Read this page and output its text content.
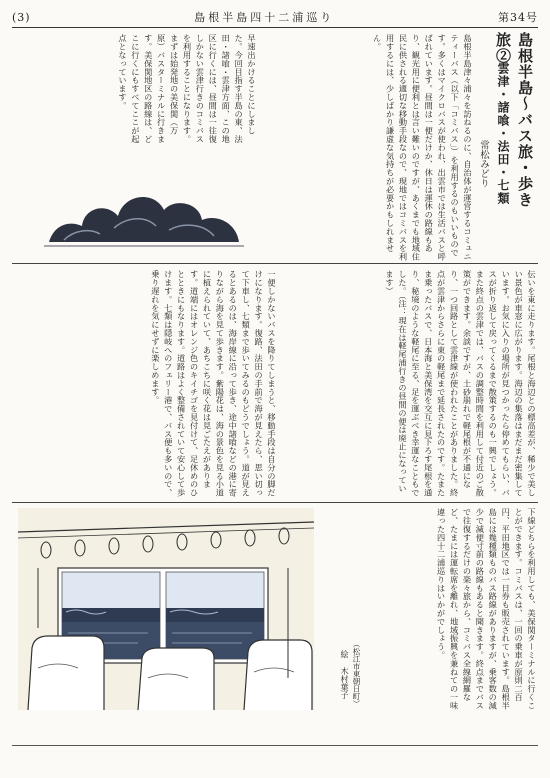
(3)	島根半島四十二浦巡り	第34号
島根半島〜バス旅・歩き旅②
雲津・諸喰・法田・七類
常松みどり
島根半島津々浦々を訪ねるのに、自治体が運営するコミュニティーバス（以下「コミバス」）を利用するのもいいものです。多くはマイクロバスが使われ、出雲市では生活バスと呼ばれています。昼間は一便だけか、休日は運休の路線もあり、観光用に便利とは言い難いのですが、あくまでも地域住民に供される適切な移動手段なので、現地ではコミバスを利用するには、少しばかり謙虚な気持ちが必要かもしれません。
早速出かけることにしました。今回目指す半島の東、法田・諸喰・雲津方面、この地区に行くには、昼間は一往復しかない雲津行きのコミバスを利用することになります。まずは始発地の美保関（万原）バスターミナルに行きます。美保関地区の路線は、どこに行くにもすべてここが起点となっています。
伝いを東に走ります。尾根と海辺との標高差が、稀少で美しい景色が車窓に広がります。海辺の集落はまだまだ密集しています。お気に入りの場所が見つかったら停めてもらい、バスが折り返して戻ってくるまで散策するのも一興でしょう。また終点の雲津では、バスの調整時間を利用して付近のご散策ができます。余談ですが、土砂崩れで軽尾根が不通になり、一つ回路として雲津線が使われたことがありました。終点が雲津からさらに東の軽尾まで延長されたのです。たまたま乗ったバスで、日本海と美保湾を交互に見下ろす尾根を通り、秘境のような軽尾に至る、足を運ぶべき幸運なこともでした。（注：現在は軽尾浦行きの昼間の便は廃止になっています）
一便しかないバスを降りてしまうと、移動手段は自分の脚だけになります。復路、法田の手前で海が見えたら、思い切って下車し、七類まで歩いてみるのもどうでしょう。道が見えるとあるのは、海岸線に沿って歩き、途中諸喰などの港に寄りながら海を見て歩きます。紫陽花は、海の景色を見る小道に植えられていて、あちこちに咲く花は見ごたえがあります。道端にはオレンジ色のキイチゴを見付けて、足休めのひとときにもなります。道路はよく整備されていて安心して歩けます。七類は隠岐へのフェリー港で、バス便も多いので、乗り遅れを気にせずに楽しめます。
下線どちらを利用しても、美保関ターミナルに行くことができます。コミバスは、一回の乗車が原則二百円、平田地区では一日券も販売されています。島根半島には幾種類ものバス路線がありますが、乗客数の減少で減便寸前の路線もあると聞きます。終点までバスで往復するだけの楽々旅から、コミバス全線網羅など、たまには運転席を離れ、地域振興を兼ねての一味違った四十二浦巡りはいかがでしょう。
（松江市東朝日町）
絵 木村葉子
